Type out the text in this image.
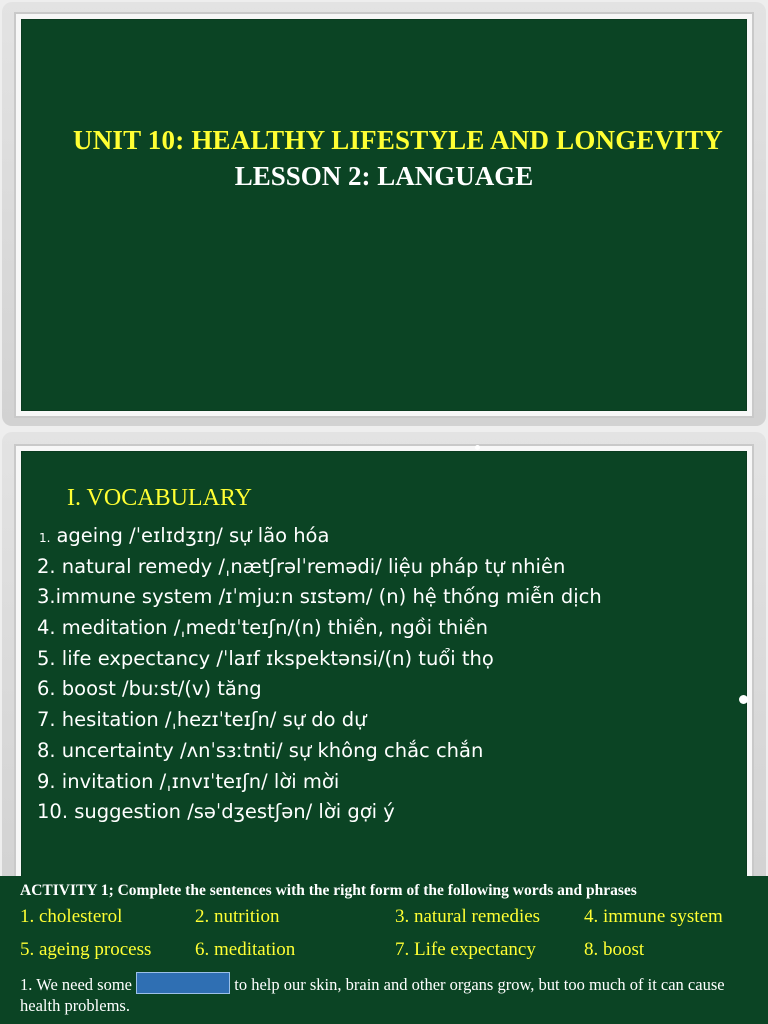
UNIT 10: HEALTHY LIFESTYLE AND LONGEVITY
LESSON 2: LANGUAGE
I. VOCABULARY
1. ageing /ˈeɪlɪdʒɪŋ/ sự lão hóa
2. natural remedy /ˌnætʃrəlˈremədi/ liệu pháp tự nhiên
3.immune system /ɪˈmjuːn sɪstəm/ (n) hệ thống miễn dịch
4. meditation /ˌmedɪˈteɪʃn/(n) thiền, ngồi thiền
5. life expectancy /ˈlaɪf ɪkspektənsi/(n) tuổi thọ
6. boost /buːst/(v) tăng
7. hesitation /ˌhezɪˈteɪʃn/ sự do dự
8. uncertainty /ʌnˈsɜːtnti/ sự không chắc chắn
9. invitation /ˌɪnvɪˈteɪʃn/ lời mời
10. suggestion /səˈdʒestʃən/ lời gợi ý
ACTIVITY 1; Complete the sentences with the right form of the following words and phrases
1. cholesterol	2. nutrition	3. natural remedies 4. immune system
5. ageing process 6. meditation	7. Life expectancy	8. boost
1. We need some	to help our skin, brain and other organs grow, but too much of it can cause health problems.
